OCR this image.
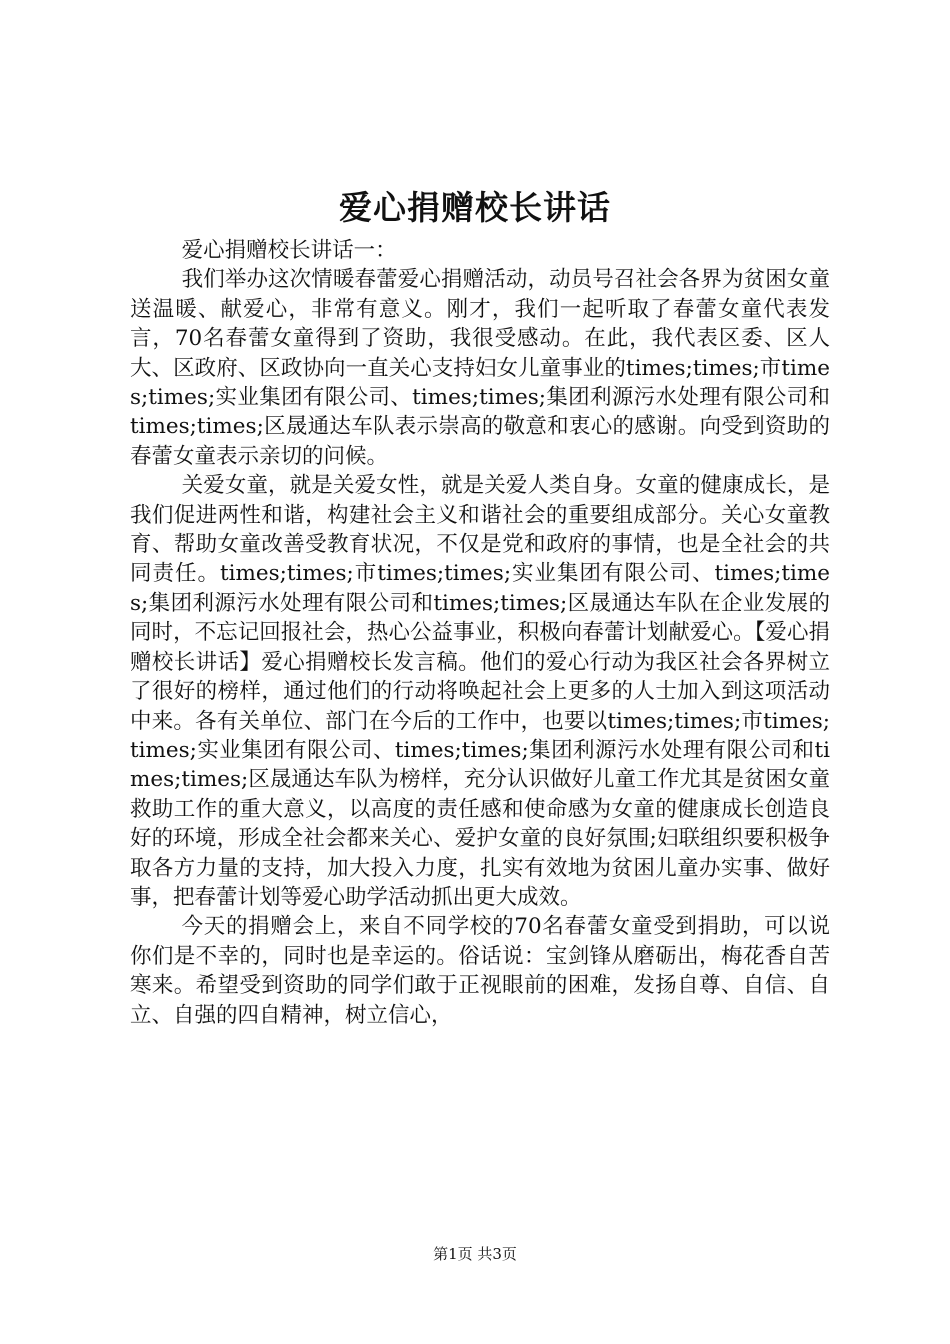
爱心捐赠校长讲话

爱心捐赠校长讲话一：

我们举办这次情暖春蕾爱心捐赠活动，动员号召社会各界为贫困女童送温暖、献爱心，非常有意义。刚才，我们一起听取了春蕾女童代表发言，70名春蕾女童得到了资助，我很受感动。在此，我代表区委、区人大、区政府、区政协向一直关心支持妇女儿童事业的times;times;市times;times;实业集团有限公司、times;times;集团利源污水处理有限公司和times;times;区晟通达车队表示崇高的敬意和衷心的感谢。向受到资助的春蕾女童表示亲切的问候。

关爱女童，就是关爱女性，就是关爱人类自身。女童的健康成长，是我们促进两性和谐，构建社会主义和谐社会的重要组成部分。关心女童教育、帮助女童改善受教育状况，不仅是党和政府的事情，也是全社会的共同责任。times;times;市times;times;实业集团有限公司、times;times;集团利源污水处理有限公司和times;times;区晟通达车队在企业发展的同时，不忘记回报社会，热心公益事业，积极向春蕾计划献爱心。【爱心捐赠校长讲话】爱心捐赠校长发言稿。他们的爱心行动为我区社会各界树立了很好的榜样，通过他们的行动将唤起社会上更多的人士加入到这项活动中来。各有关单位、部门在今后的工作中，也要以times;times;市times;times;实业集团有限公司、times;times;集团利源污水处理有限公司和times;times;区晟通达车队为榜样，充分认识做好儿童工作尤其是贫困女童救助工作的重大意义，以高度的责任感和使命感为女童的健康成长创造良好的环境，形成全社会都来关心、爱护女童的良好氛围;妇联组织要积极争取各方力量的支持，加大投入力度，扎实有效地为贫困儿童办实事、做好事，把春蕾计划等爱心助学活动抓出更大成效。

今天的捐赠会上，来自不同学校的70名春蕾女童受到捐助，可以说你们是不幸的，同时也是幸运的。俗话说：宝剑锋从磨砺出，梅花香自苦寒来。希望受到资助的同学们敢于正视眼前的困难，发扬自尊、自信、自立、自强的四自精神，树立信心，

第1页 共3页
